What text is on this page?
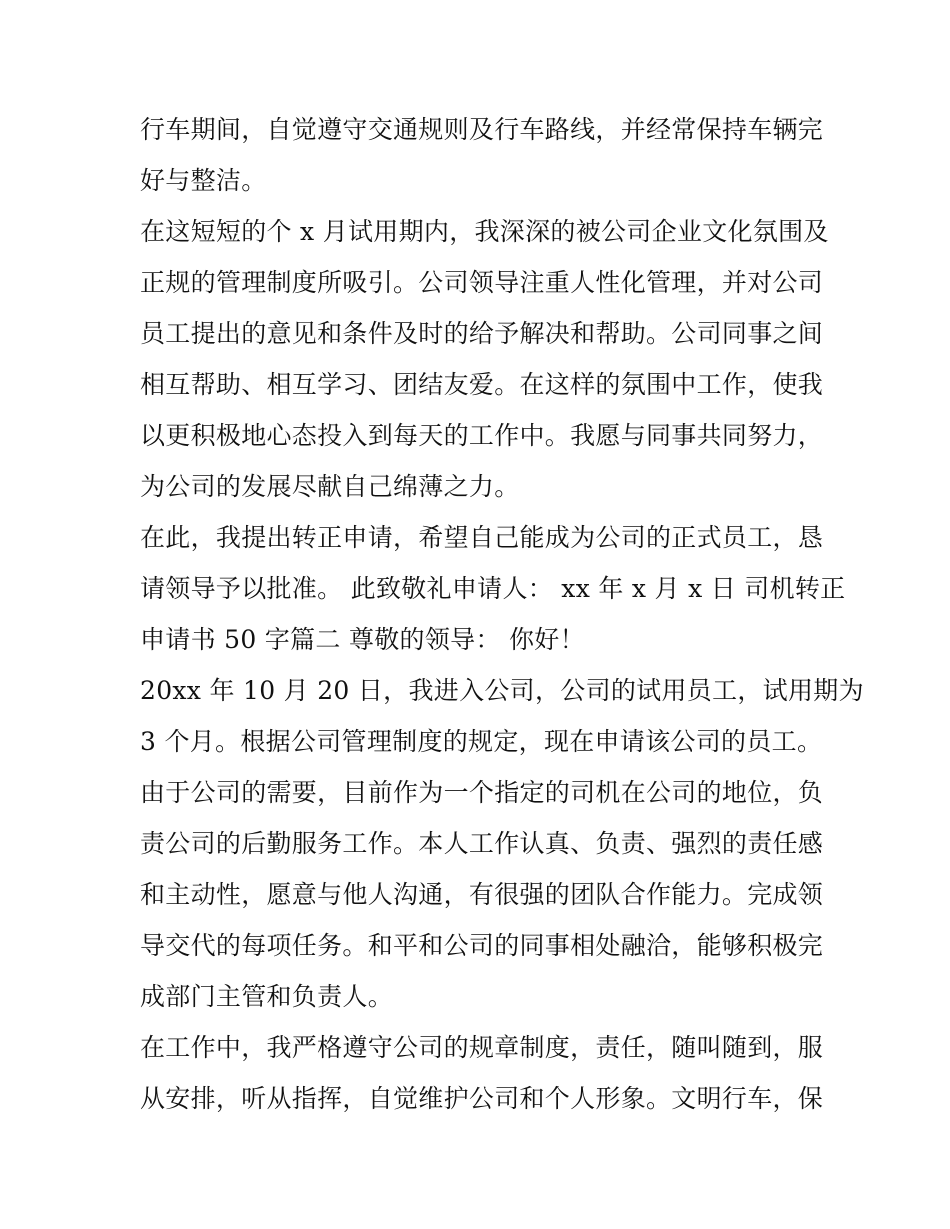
行车期间，自觉遵守交通规则及行车路线，并经常保持车辆完
好与整洁。
在这短短的个 x 月试用期内，我深深的被公司企业文化氛围及
正规的管理制度所吸引。公司领导注重人性化管理，并对公司
员工提出的意见和条件及时的给予解决和帮助。公司同事之间
相互帮助、相互学习、团结友爱。在这样的氛围中工作，使我
以更积极地心态投入到每天的工作中。我愿与同事共同努力，
为公司的发展尽献自己绵薄之力。
在此，我提出转正申请，希望自己能成为公司的正式员工，恳
请领导予以批准。 此致敬礼申请人： xx 年 x 月 x 日 司机转正
申请书 50 字篇二 尊敬的领导： 你好！
20xx 年 10 月 20 日，我进入公司，公司的试用员工，试用期为
3 个月。根据公司管理制度的规定，现在申请该公司的员工。
由于公司的需要，目前作为一个指定的司机在公司的地位，负
责公司的后勤服务工作。本人工作认真、负责、强烈的责任感
和主动性，愿意与他人沟通，有很强的团队合作能力。完成领
导交代的每项任务。和平和公司的同事相处融洽，能够积极完
成部门主管和负责人。
在工作中，我严格遵守公司的规章制度，责任，随叫随到，服
从安排，听从指挥，自觉维护公司和个人形象。文明行车，保
